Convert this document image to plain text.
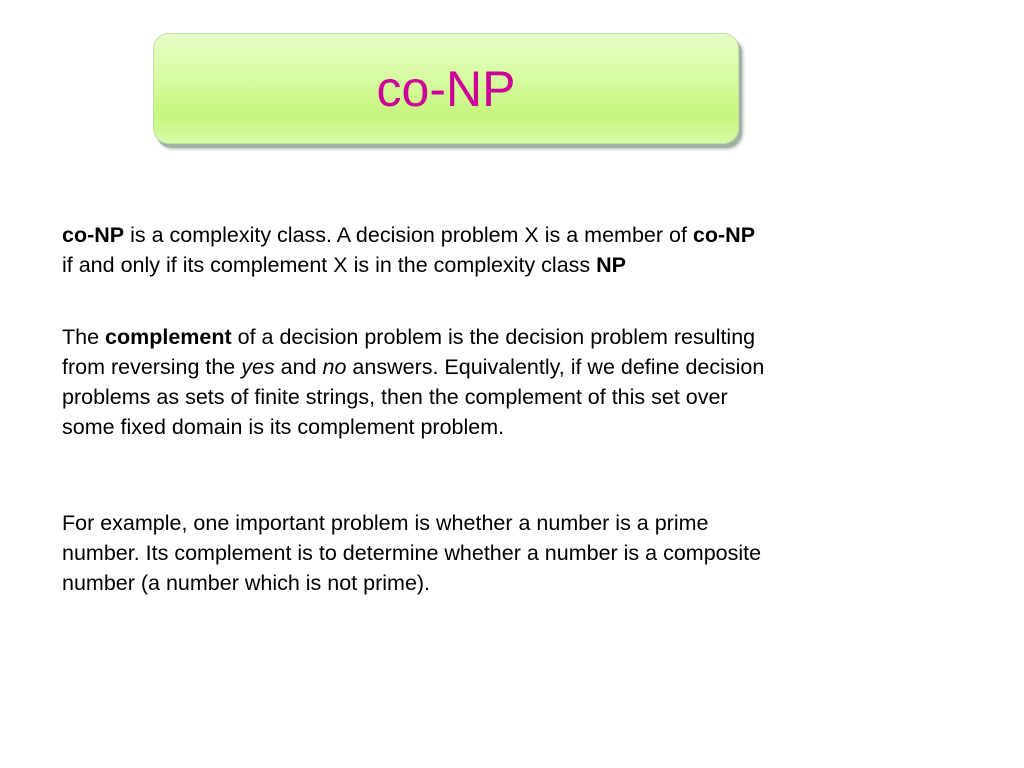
co-NP

co-NP is a complexity class. A decision problem X is a member of co-NP
if and only if its complement X is in the complexity class NP

The complement of a decision problem is the decision problem resulting
from reversing the yes and no answers. Equivalently, if we define decision
problems as sets of finite strings, then the complement of this set over
some fixed domain is its complement problem.

For example, one important problem is whether a number is a prime
number. Its complement is to determine whether a number is a composite
number (a number which is not prime).
